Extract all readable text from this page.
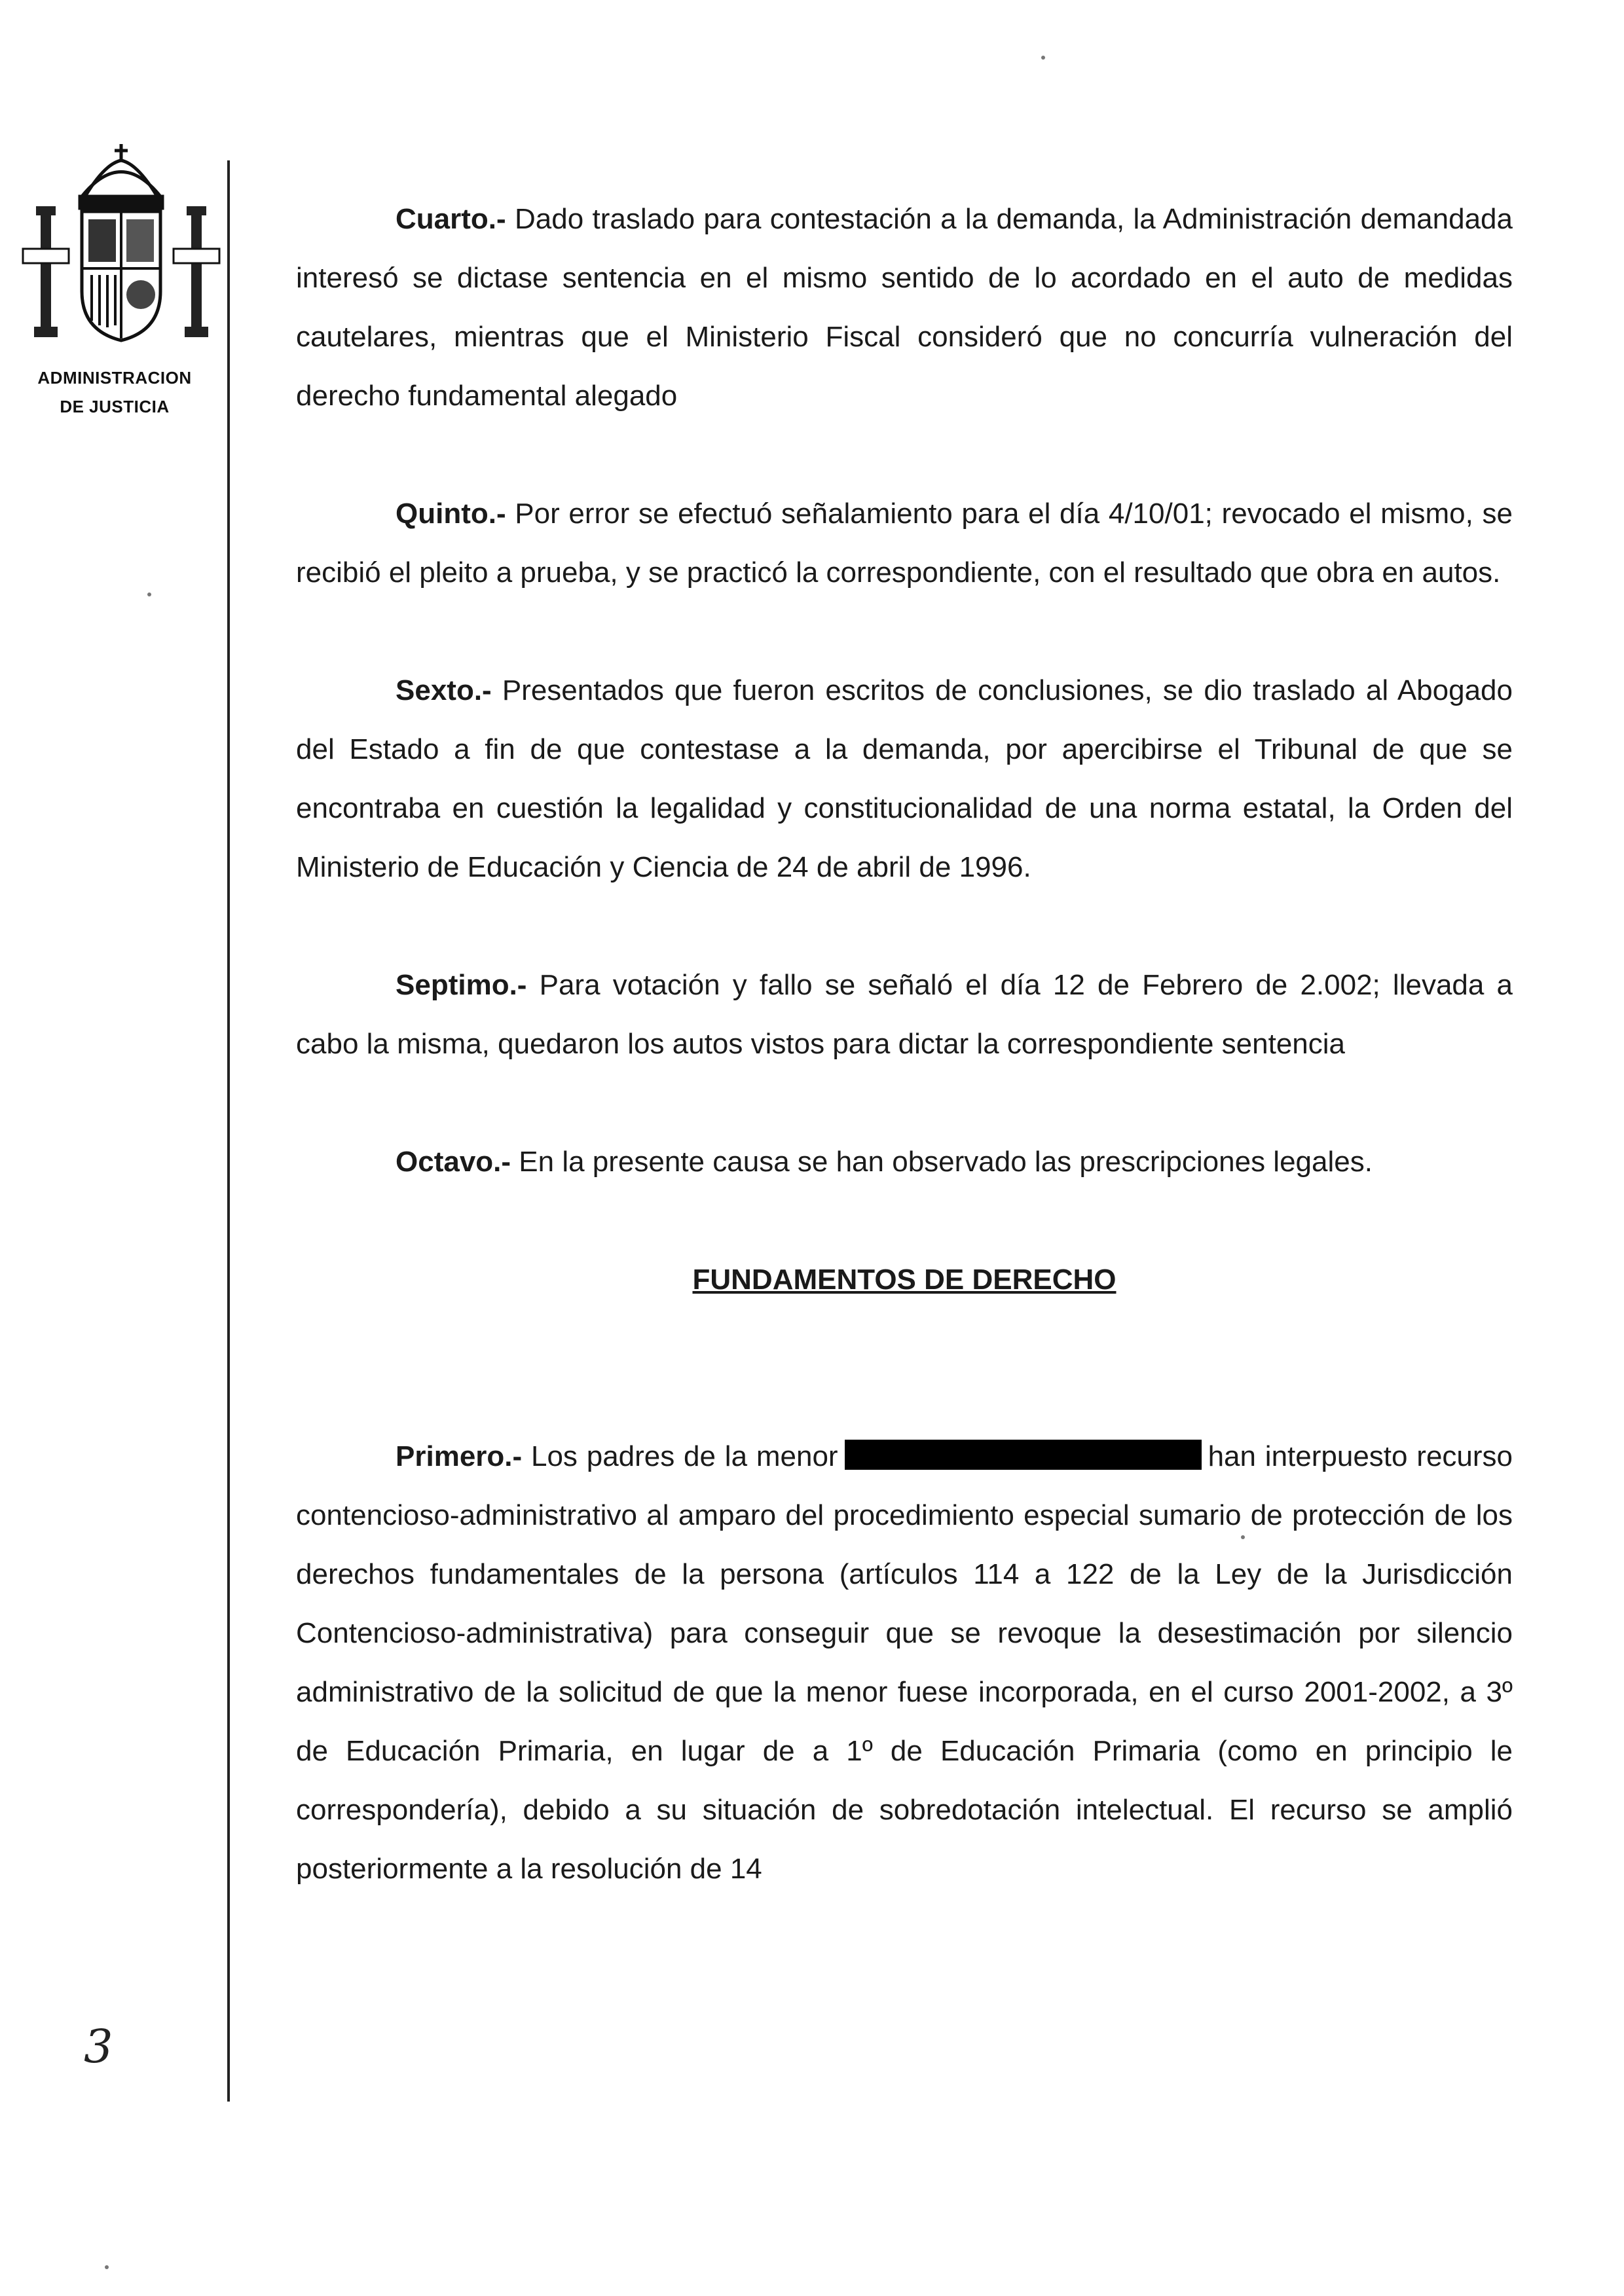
ADMINISTRACION
DE JUSTICIA
3

Cuarto.- Dado traslado para contestación a la demanda, la Administración demandada interesó se dictase sentencia en el mismo sentido de lo acordado en el auto de medidas cautelares, mientras que el Ministerio Fiscal consideró que no concurría vulneración del derecho fundamental alegado

Quinto.- Por error se efectuó señalamiento para el día 4/10/01; revocado el mismo, se recibió el pleito a prueba, y se practicó la correspondiente, con el resultado que obra en autos.

Sexto.- Presentados que fueron escritos de conclusiones, se dio traslado al Abogado del Estado a fin de que contestase a la demanda, por apercibirse el Tribunal de que se encontraba en cuestión la legalidad y constitucionalidad de una norma estatal, la Orden del Ministerio de Educación y Ciencia de 24 de abril de 1996.

Septimo.- Para votación y fallo se señaló el día 12 de Febrero de 2.002; llevada a cabo la misma, quedaron los autos vistos para dictar la correspondiente sentencia

Octavo.- En la presente causa se han observado las prescripciones legales.

FUNDAMENTOS DE DERECHO

Primero.- Los padres de la menor	han interpuesto recurso contencioso-administrativo al amparo del procedimiento especial sumario de protección de los derechos fundamentales de la persona (artículos 114 a 122 de la Ley de la Jurisdicción Contencioso-administrativa) para conseguir que se revoque la desestimación por silencio administrativo de la solicitud de que la menor fuese incorporada, en el curso 2001-2002, a 3º de Educación Primaria, en lugar de a 1º de Educación Primaria (como en principio le correspondería), debido a su situación de sobredotación intelectual. El recurso se amplió posteriormente a la resolución de 14
